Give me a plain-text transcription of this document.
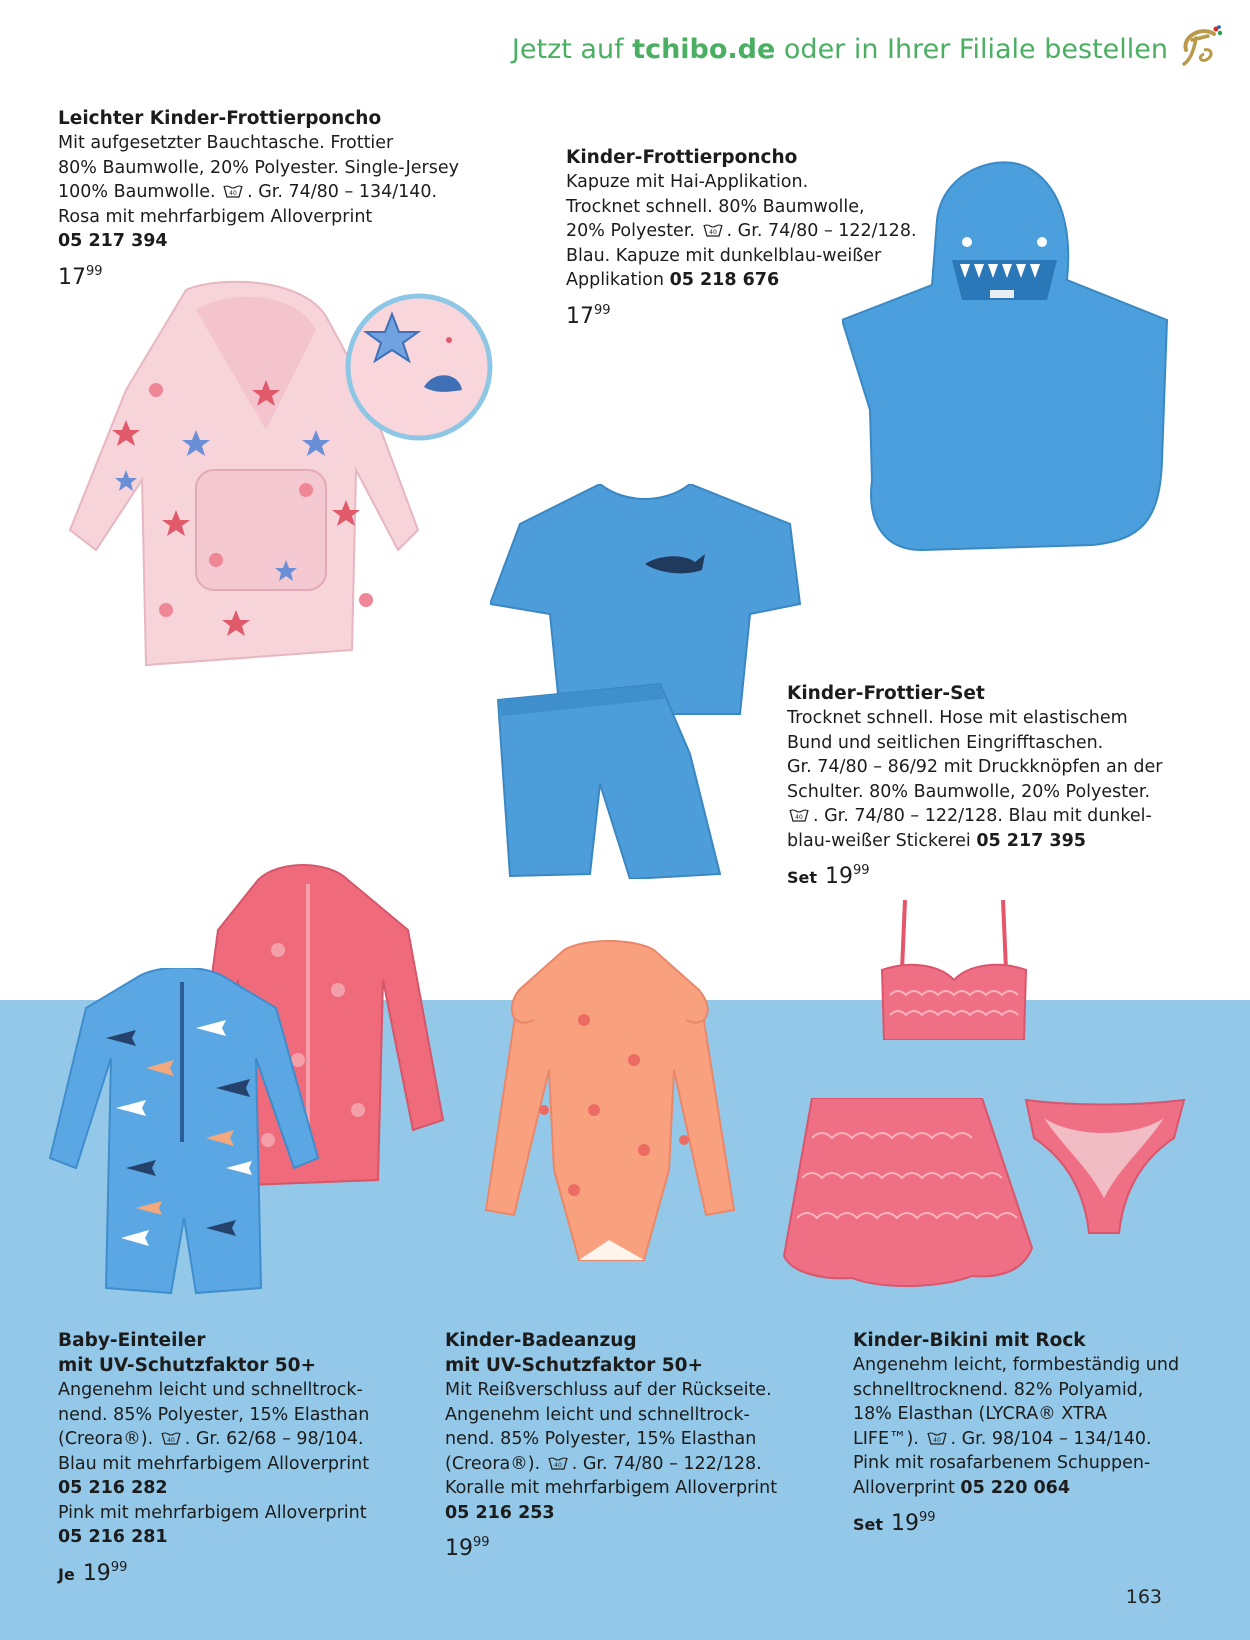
Jetzt auf tchibo.de oder in Ihrer Filiale bestellen
Leichter Kinder-Frottierponcho
Mit aufgesetzter Bauchtasche. Frottier
80% Baumwolle, 20% Polyester. Single-Jersey
100% Baumwolle. 40 . Gr. 74/80 – 134/140.
Rosa mit mehrfarbigem Alloverprint
05 217 394
$17^{99}$
Kinder-Frottierponcho
Kapuze mit Hai-Applikation.
Trocknet schnell. 80% Baumwolle,
20% Polyester. 40 . Gr. 74/80 – 122/128.
Blau. Kapuze mit dunkelblau-weißer
Applikation 05 218 676
$17^{99}$
Kinder-Frottier-Set
Trocknet schnell. Hose mit elastischem
Bund und seitlichen Eingrifftaschen.
Gr. 74/80 – 86/92 mit Druckknöpfen an der
Schulter. 80% Baumwolle, 20% Polyester.
40 . Gr. 74/80 – 122/128. Blau mit dunkel-
blau-weißer Stickerei 05 217 395
Set $19^{99}$
Baby-Einteiler
mit UV-Schutzfaktor 50+
Angenehm leicht und schnelltrock-
nend. 85% Polyester, 15% Elasthan
(Creora®). 40 . Gr. 62/68 – 98/104.
Blau mit mehrfarbigem Alloverprint
05 216 282
Pink mit mehrfarbigem Alloverprint
05 216 281
Je $19^{99}$
Kinder-Badeanzug
mit UV-Schutzfaktor 50+
Mit Reißverschluss auf der Rückseite.
Angenehm leicht und schnelltrock-
nend. 85% Polyester, 15% Elasthan
(Creora®). 40 . Gr. 74/80 – 122/128.
Koralle mit mehrfarbigem Alloverprint
05 216 253
$19^{99}$
Kinder-Bikini mit Rock
Angenehm leicht, formbeständig und
schnelltrocknend. 82% Polyamid,
18% Elasthan (LYCRA® XTRA
LIFE™). 40 . Gr. 98/104 – 134/140.
Pink mit rosafarbenem Schuppen-
Alloverprint 05 220 064
Set $19^{99}$
163
